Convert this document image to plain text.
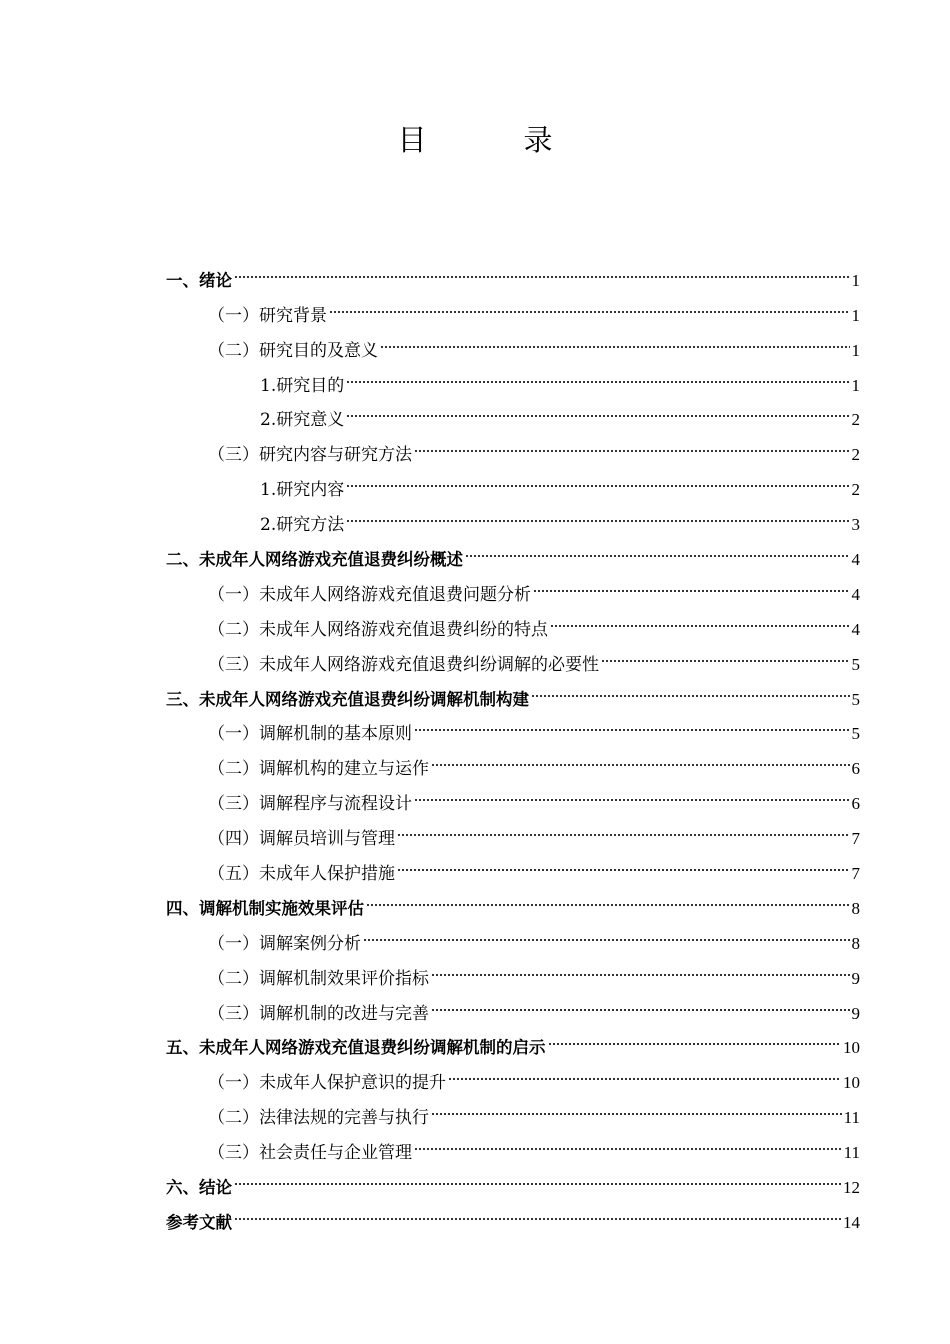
目　录
一、绪论	1
（一）研究背景	1
（二）研究目的及意义	1
1.研究目的	1
2.研究意义	2
（三）研究内容与研究方法	2
1.研究内容	2
2.研究方法	3
二、未成年人网络游戏充值退费纠纷概述	4
（一）未成年人网络游戏充值退费问题分析	4
（二）未成年人网络游戏充值退费纠纷的特点	4
（三）未成年人网络游戏充值退费纠纷调解的必要性	5
三、未成年人网络游戏充值退费纠纷调解机制构建	5
（一）调解机制的基本原则	5
（二）调解机构的建立与运作	6
（三）调解程序与流程设计	6
（四）调解员培训与管理	7
（五）未成年人保护措施	7
四、调解机制实施效果评估	8
（一）调解案例分析	8
（二）调解机制效果评价指标	9
（三）调解机制的改进与完善	9
五、未成年人网络游戏充值退费纠纷调解机制的启示	10
（一）未成年人保护意识的提升	10
（二）法律法规的完善与执行	11
（三）社会责任与企业管理	11
六、结论	12
参考文献	14
